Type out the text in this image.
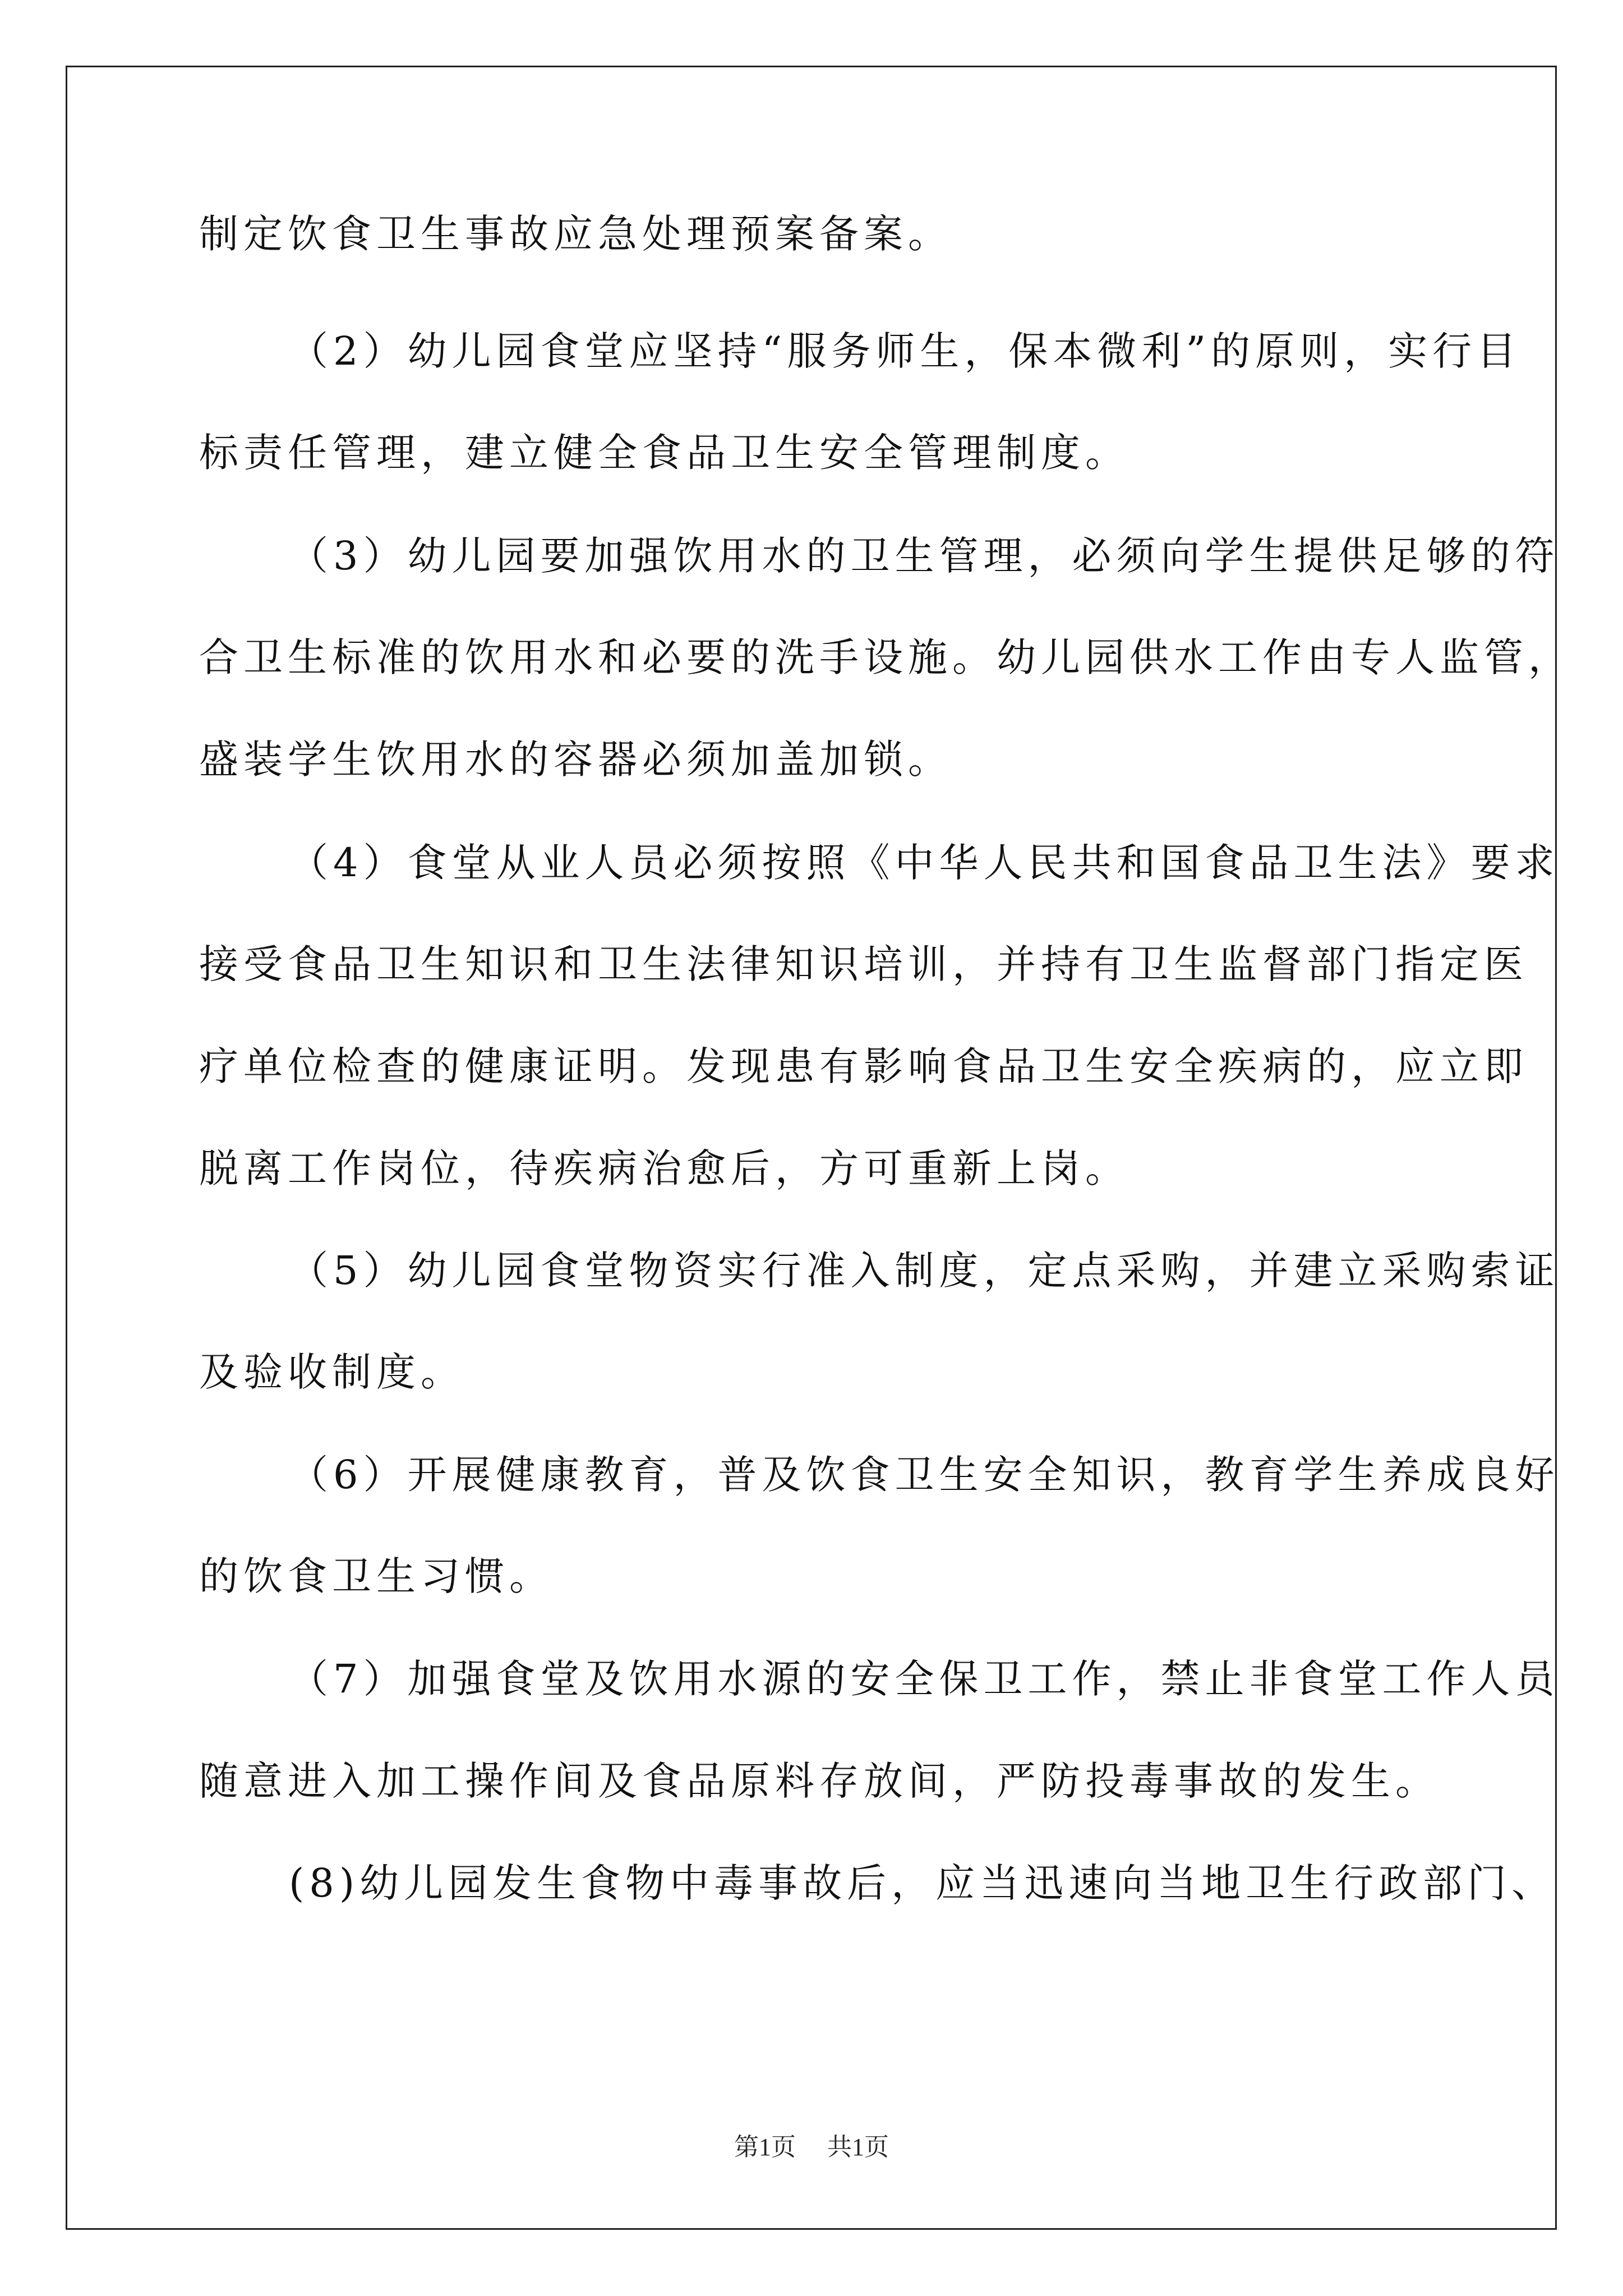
制定饮食卫生事故应急处理预案备案。
（2）幼儿园食堂应坚持“服务师生，保本微利”的原则，实行目
标责任管理，建立健全食品卫生安全管理制度。
（3）幼儿园要加强饮用水的卫生管理，必须向学生提供足够的符
合卫生标准的饮用水和必要的洗手设施。幼儿园供水工作由专人监管，
盛装学生饮用水的容器必须加盖加锁。
（4）食堂从业人员必须按照《中华人民共和国食品卫生法》要求
接受食品卫生知识和卫生法律知识培训，并持有卫生监督部门指定医
疗单位检查的健康证明。发现患有影响食品卫生安全疾病的，应立即
脱离工作岗位，待疾病治愈后，方可重新上岗。
（5）幼儿园食堂物资实行准入制度，定点采购，并建立采购索证
及验收制度。
（6）开展健康教育，普及饮食卫生安全知识，教育学生养成良好
的饮食卫生习惯。
（7）加强食堂及饮用水源的安全保卫工作，禁止非食堂工作人员
随意进入加工操作间及食品原料存放间，严防投毒事故的发生。
(8)幼儿园发生食物中毒事故后，应当迅速向当地卫生行政部门、
第1页 共1页
